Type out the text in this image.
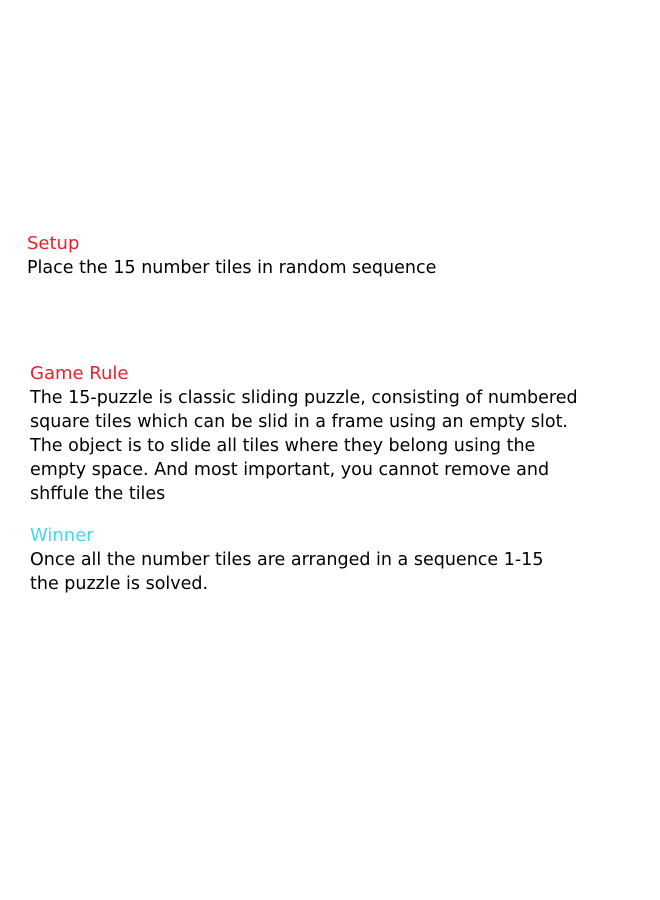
Setup

Place the 15 number tiles in random sequence

Game Rule

The 15-puzzle is classic sliding puzzle, consisting of numbered
square tiles which can be slid in a frame using an empty slot.
The object is to slide all tiles where they belong using the
empty space. And most important, you cannot remove and
shffule the tiles

Winner

Once all the number tiles are arranged in a sequence 1-15
the puzzle is solved.
